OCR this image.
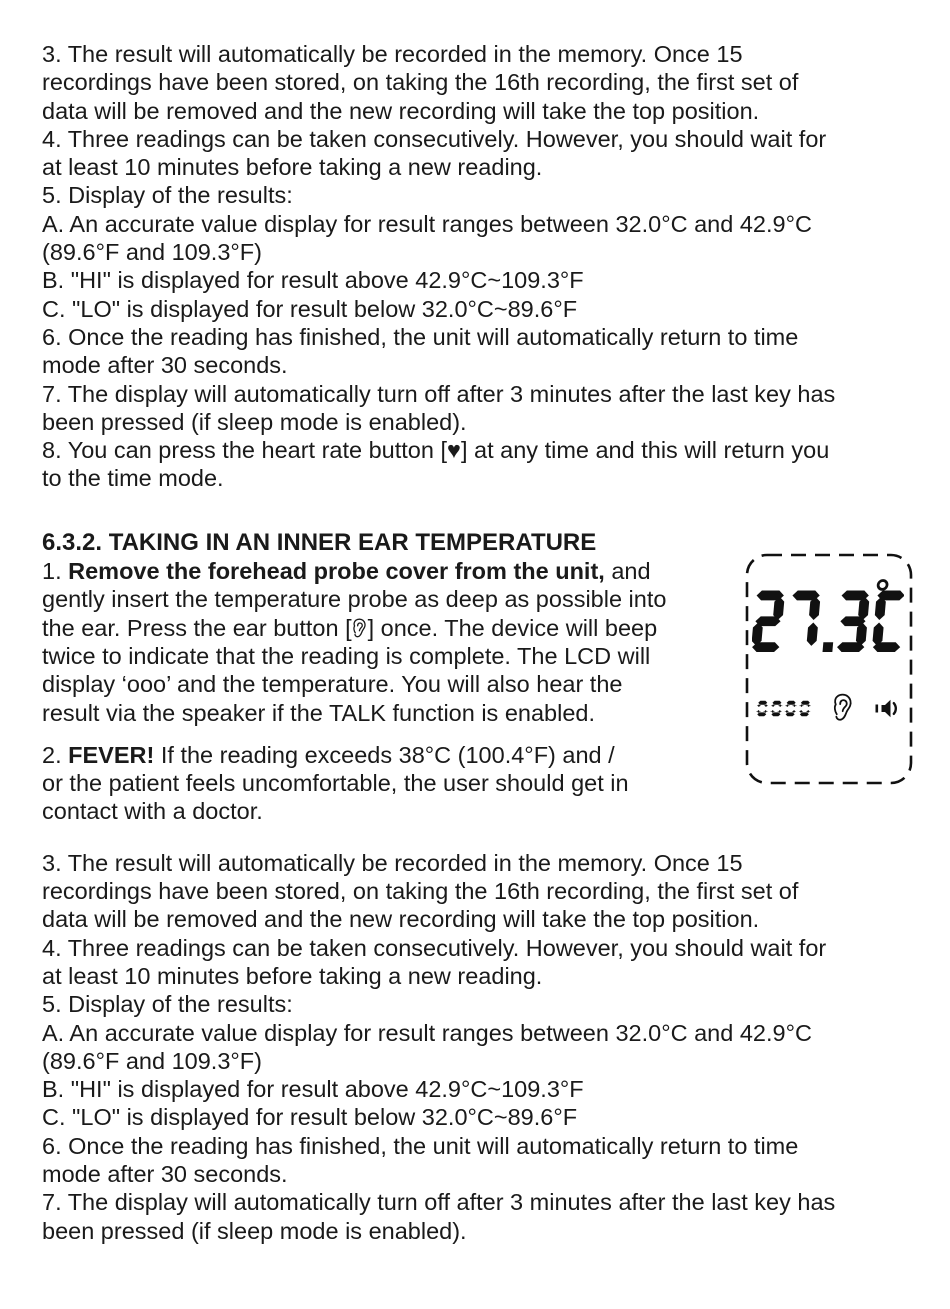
3. The result will automatically be recorded in the memory. Once 15
recordings have been stored, on taking the 16th recording, the first set of
data will be removed and the new recording will take the top position.
4. Three readings can be taken consecutively. However, you should wait for
at least 10 minutes before taking a new reading.
5. Display of the results:
A. An accurate value display for result ranges between 32.0°C and 42.9°C
(89.6°F and 109.3°F)
B. "HI" is displayed for result above 42.9°C~109.3°F
C. "LO" is displayed for result below 32.0°C~89.6°F
6. Once the reading has finished, the unit will automatically return to time
mode after 30 seconds.
7. The display will automatically turn off after 3 minutes after the last key has
been pressed (if sleep mode is enabled).
8. You can press the heart rate button [♥] at any time and this will return you
to the time mode.
6.3.2. TAKING IN AN INNER EAR TEMPERATURE
1. Remove the forehead probe cover from the unit, and
gently insert the temperature probe as deep as possible into
the ear. Press the ear button [ ] once. The device will beep
twice to indicate that the reading is complete. The LCD will
display ‘ooo’ and the temperature. You will also hear the
result via the speaker if the TALK function is enabled.
2. FEVER! If the reading exceeds 38°C (100.4°F) and /
or the patient feels uncomfortable, the user should get in
contact with a doctor.
3. The result will automatically be recorded in the memory. Once 15
recordings have been stored, on taking the 16th recording, the first set of
data will be removed and the new recording will take the top position.
4. Three readings can be taken consecutively. However, you should wait for
at least 10 minutes before taking a new reading.
5. Display of the results:
A. An accurate value display for result ranges between 32.0°C and 42.9°C
(89.6°F and 109.3°F)
B. "HI" is displayed for result above 42.9°C~109.3°F
C. "LO" is displayed for result below 32.0°C~89.6°F
6. Once the reading has finished, the unit will automatically return to time
mode after 30 seconds.
7. The display will automatically turn off after 3 minutes after the last key has
been pressed (if sleep mode is enabled).
